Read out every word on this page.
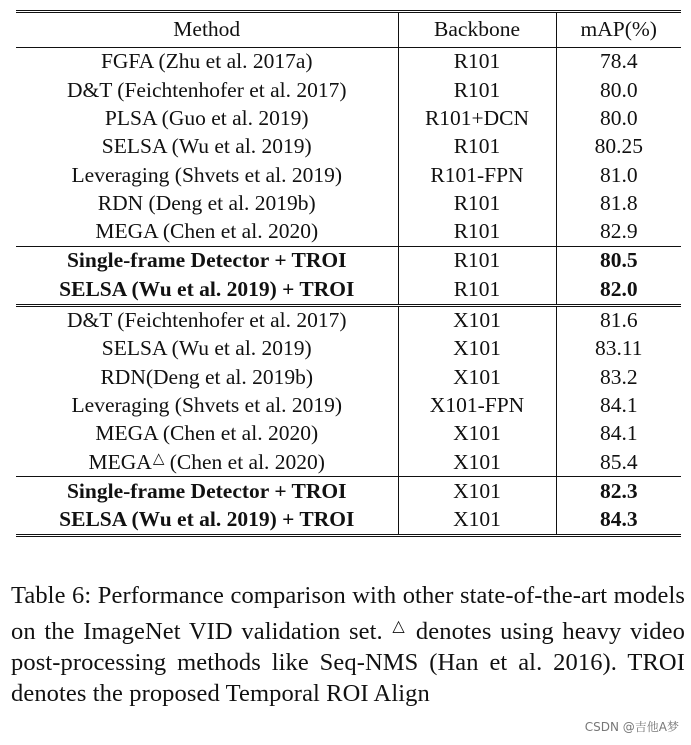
Method	Backbone	mAP(%)
FGFA (Zhu et al. 2017a)	R101	78.4
D&T (Feichtenhofer et al. 2017)	R101	80.0
PLSA (Guo et al. 2019)	R101+DCN	80.0
SELSA (Wu et al. 2019)	R101	80.25
Leveraging (Shvets et al. 2019)	R101-FPN	81.0
RDN (Deng et al. 2019b)	R101	81.8
MEGA (Chen et al. 2020)	R101	82.9
Single-frame Detector + TROI	R101	80.5
SELSA (Wu et al. 2019) + TROI	R101	82.0
D&T (Feichtenhofer et al. 2017)	X101	81.6
SELSA (Wu et al. 2019)	X101	83.11
RDN(Deng et al. 2019b)	X101	83.2
Leveraging (Shvets et al. 2019)	X101-FPN	84.1
MEGA (Chen et al. 2020)	X101	84.1
MEGA△ (Chen et al. 2020)	X101	85.4
Single-frame Detector + TROI	X101	82.3
SELSA (Wu et al. 2019) + TROI	X101	84.3
Table 6: Performance comparison with other state-of-the-art models on the ImageNet VID validation set. △ denotes using heavy video post-processing methods like Seq-NMS (Han et al. 2016). TROI denotes the proposed Temporal ROI Align
CSDN @吉他A梦
